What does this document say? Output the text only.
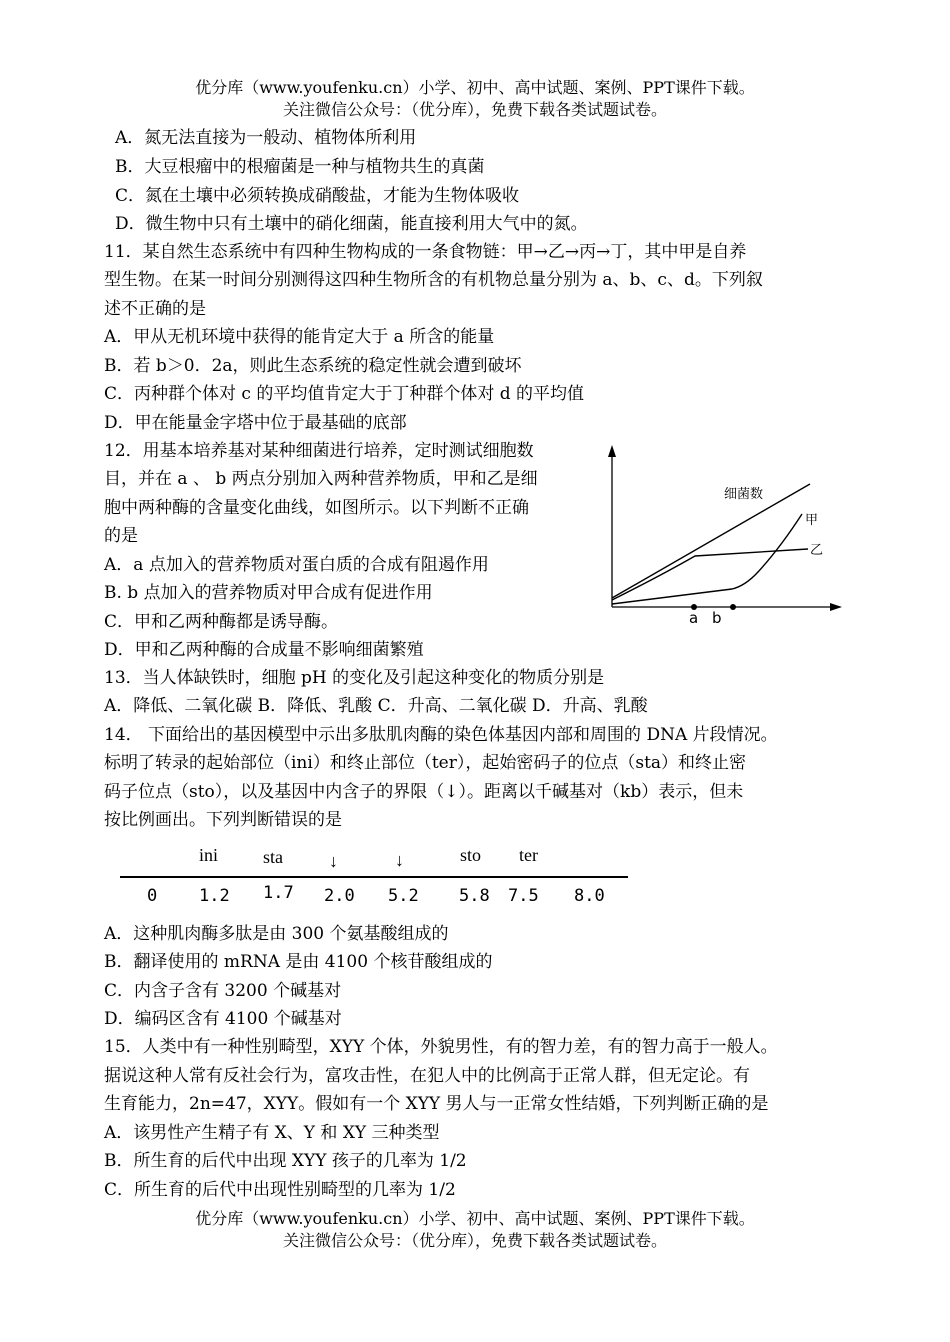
优分库（www.youfenku.cn）小学、初中、高中试题、案例、PPT课件下载。
关注微信公众号：（优分库），免费下载各类试题试卷。
A．氮无法直接为一般动、植物体所利用
B．大豆根瘤中的根瘤菌是一种与植物共生的真菌
C．氮在土壤中必须转换成硝酸盐，才能为生物体吸收
D．微生物中只有土壤中的硝化细菌，能直接利用大气中的氮。
11．某自然生态系统中有四种生物构成的一条食物链：甲→乙→丙→丁，其中甲是自养
型生物。在某一时间分别测得这四种生物所含的有机物总量分别为 a、b、c、d。下列叙
述不正确的是
A．甲从无机环境中获得的能肯定大于 a 所含的能量
B．若 b＞0．2a，则此生态系统的稳定性就会遭到破坏
C．丙种群个体对 c 的平均值肯定大于丁种群个体对 d 的平均值
D．甲在能量金字塔中位于最基础的底部
12．用基本培养基对某种细菌进行培养，定时测试细胞数
目，并在 a 、 b 两点分别加入两种营养物质，甲和乙是细
胞中两种酶的含量变化曲线，如图所示。以下判断不正确
的是
A．a 点加入的营养物质对蛋白质的合成有阻遏作用
B. b 点加入的营养物质对甲合成有促进作用
C．甲和乙两种酶都是诱导酶。
D．甲和乙两种酶的合成量不影响细菌繁殖
细菌数
甲
乙
a b
13．当人体缺铁时，细胞 pH 的变化及引起这种变化的物质分别是
A．降低、二氧化碳 B．降低、乳酸 C．升高、二氧化碳 D．升高、乳酸
14． 下面给出的基因模型中示出多肽肌肉酶的染色体基因内部和周围的 DNA 片段情况。
标明了转录的起始部位（ini）和终止部位（ter），起始密码子的位点（sta）和终止密
码子位点（sto），以及基因中内含子的界限（↓）。距离以千碱基对（kb）表示，但未
按比例画出。下列判断错误的是
ini sta	↓	↓	sto ter
0 1.2 1.7 2.0 5.2 5.8 7.5 8.0
A．这种肌肉酶多肽是由 300 个氨基酸组成的
B．翻译使用的 mRNA 是由 4100 个核苷酸组成的
C．内含子含有 3200 个碱基对
D．编码区含有 4100 个碱基对
15．人类中有一种性别畸型，XYY 个体，外貌男性，有的智力差，有的智力高于一般人。
据说这种人常有反社会行为，富攻击性，在犯人中的比例高于正常人群，但无定论。有
生育能力，2n=47，XYY。假如有一个 XYY 男人与一正常女性结婚，下列判断正确的是
A．该男性产生精子有 X、Y 和 XY 三种类型
B．所生育的后代中出现 XYY 孩子的几率为 1/2
C．所生育的后代中出现性别畸型的几率为 1/2
优分库（www.youfenku.cn）小学、初中、高中试题、案例、PPT课件下载。
关注微信公众号：（优分库），免费下载各类试题试卷。
